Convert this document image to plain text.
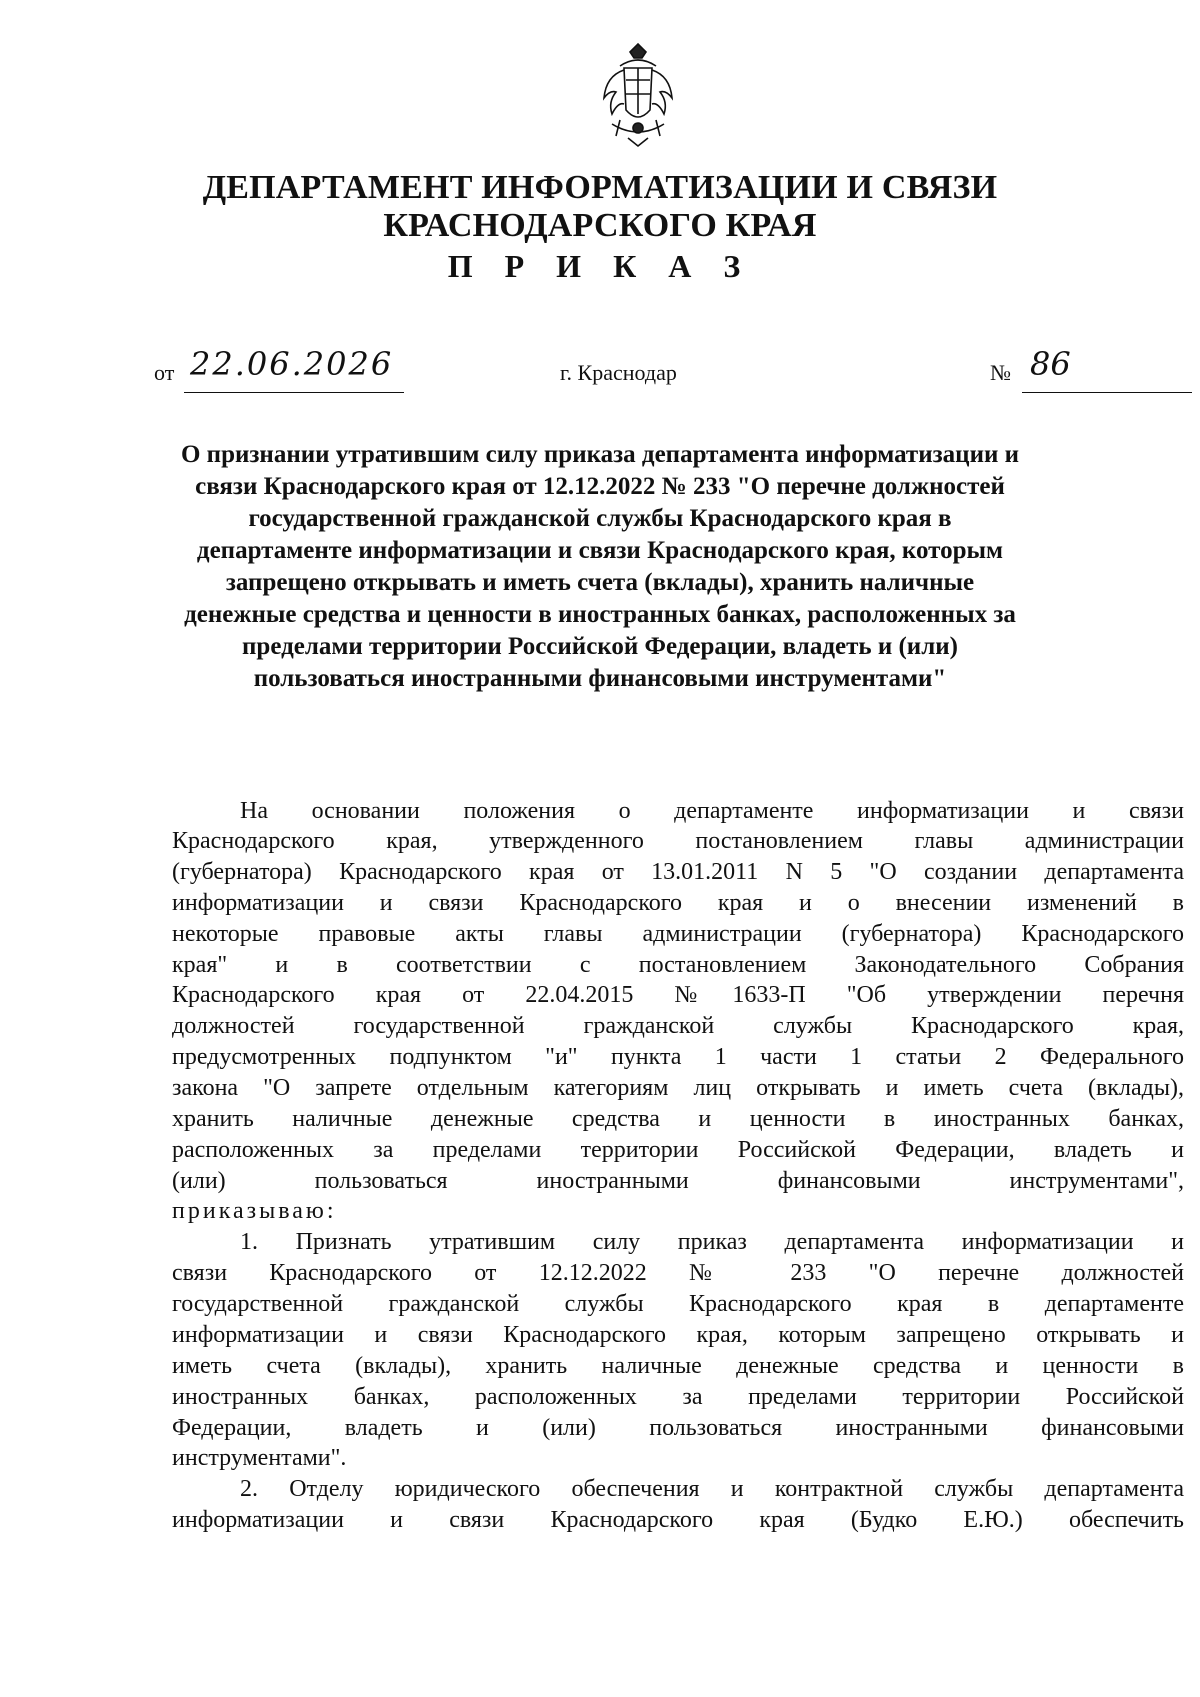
ДЕПАРТАМЕНТ ИНФОРМАТИЗАЦИИ И СВЯЗИ
КРАСНОДАРСКОГО КРАЯ
П Р И К А З
от 22.06.2026	г. Краснодар	№ 86
О признании утратившим силу приказа департамента информатизации и
связи Краснодарского края от 12.12.2022 № 233 "О перечне должностей
государственной гражданской службы Краснодарского края в
департаменте информатизации и связи Краснодарского края, которым
запрещено открывать и иметь счета (вклады), хранить наличные
денежные средства и ценности в иностранных банках, расположенных за
пределами территории Российской Федерации, владеть и (или)
пользоваться иностранными финансовыми инструментами"
На основании положения о департаменте информатизации и связи
Краснодарского края, утвержденного постановлением главы администрации
(губернатора) Краснодарского края от 13.01.2011 N 5 "О создании департамента
информатизации и связи Краснодарского края и о внесении изменений в
некоторые правовые акты главы администрации (губернатора) Краснодарского
края" и в соответствии с постановлением Законодательного Собрания
Краснодарского края от 22.04.2015 №1633-П "Об утверждении перечня
должностей государственной гражданской службы Краснодарского края,
предусмотренных подпунктом "и" пункта 1 части 1 статьи 2 Федерального
закона "О запрете отдельным категориям лиц открывать и иметь счета (вклады),
хранить наличные денежные средства и ценности в иностранных банках,
расположенных за пределами территории Российской Федерации, владеть и
(или) пользоваться иностранными финансовыми инструментами",
приказываю:
1. Признать утратившим силу приказ департамента информатизации и
связи Краснодарского от 12.12.2022 № 233 "О перечне должностей
государственной гражданской службы Краснодарского края в департаменте
информатизации и связи Краснодарского края, которым запрещено открывать и
иметь счета (вклады), хранить наличные денежные средства и ценности в
иностранных банках, расположенных за пределами территории Российской
Федерации, владеть и (или) пользоваться иностранными финансовыми
инструментами".
2. Отделу юридического обеспечения и контрактной службы департамента
информатизации и связи Краснодарского края (Будко Е.Ю.) обеспечить
